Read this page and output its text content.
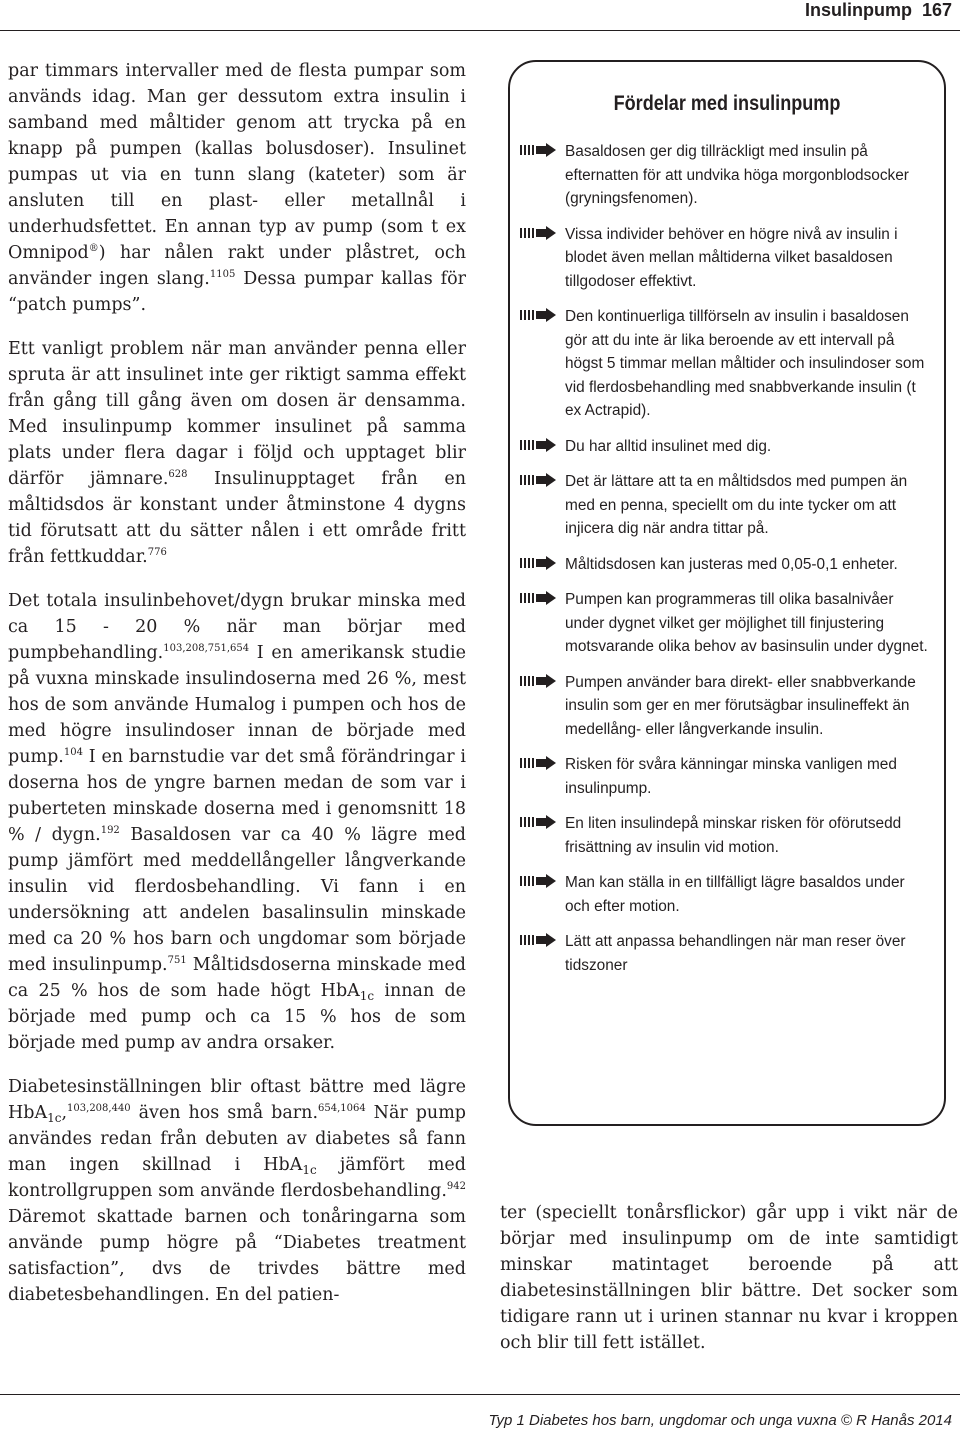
Insulinpump 167

par timmars intervaller med de flesta pumpar som används idag. Man ger dessutom extra insulin i samband med måltider genom att trycka på en knapp på pumpen (kallas bolusdoser). Insulinet pumpas ut via en tunn slang (kateter) som är ansluten till en plast- eller metallnål i underhudsfettet. En annan typ av pump (som t ex Omnipod®) har nålen rakt under plåstret, och använder ingen slang.$^{1105}$ Dessa pumpar kallas för “patch pumps”.

Ett vanligt problem när man använder penna eller spruta är att insulinet inte ger riktigt samma effekt från gång till gång även om dosen är densamma. Med insulinpump kommer insulinet på samma plats under flera dagar i följd och upptaget blir därför jämnare.$^{628}$ Insulinupptaget från en måltidsdos är konstant under åtminstone 4 dygns tid förutsatt att du sätter nålen i ett område fritt från fettkuddar.$^{776}$

Det totala insulinbehovet/dygn brukar minska med ca 15 - 20 % när man börjar med pumpbehandling.$^{103,208,751,654}$ I en amerikansk studie på vuxna minskade insulindoserna med 26 %, mest hos de som använde Humalog i pumpen och hos de med högre insulindoser innan de började med pump.$^{104}$ I en barnstudie var det små förändringar i doserna hos de yngre barnen medan de som var i puberteten minskade doserna med i genomsnitt 18 % / dygn.$^{192}$ Basaldosen var ca 40 % lägre med pump jämfört med meddellångeller långverkande insulin vid flerdosbehandling. Vi fann i en undersökning att andelen basalinsulin minskade med ca 20 % hos barn och ungdomar som började med insulinpump.$^{751}$ Måltidsdoserna minskade med ca 25 % hos de som hade högt HbA$_{1c}$ innan de började med pump och ca 15 % hos de som började med pump av andra orsaker.

Diabetesinställningen blir oftast bättre med lägre HbA$_{1c}$,$^{103,208,440}$ även hos små barn.$^{654,1064}$ När pump användes redan från debuten av diabetes så fann man ingen skillnad i HbA$_{1c}$ jämfört med kontrollgruppen som använde flerdosbehandling.$^{942}$ Däremot skattade barnen och tonåringarna som använde pump högre på “Diabetes treatment satisfaction”, dvs de trivdes bättre med diabetesbehandlingen. En del patien-

Fördelar med insulinpump
Basaldosen ger dig tillräckligt med insulin på efternatten för att undvika höga morgonblodsocker (gryningsfenomen).
Vissa individer behöver en högre nivå av insulin i blodet även mellan måltiderna vilket basaldosen tillgodoser effektivt.
Den kontinuerliga tillförseln av insulin i basaldosen gör att du inte är lika beroende av ett intervall på högst 5 timmar mellan måltider och insulindoser som vid flerdosbehandling med snabbverkande insulin (t ex Actrapid).
Du har alltid insulinet med dig.
Det är lättare att ta en måltidsdos med pumpen än med en penna, speciellt om du inte tycker om att injicera dig när andra tittar på.
Måltidsdosen kan justeras med 0,05-0,1 enheter.
Pumpen kan programmeras till olika basalnivåer under dygnet vilket ger möjlighet till finjustering motsvarande olika behov av basinsulin under dygnet.
Pumpen använder bara direkt- eller snabbverkande insulin som ger en mer förutsägbar insulineffekt än medellång- eller långverkande insulin.
Risken för svåra känningar minska vanligen med insulinpump.
En liten insulindepå minskar risken för oförutsedd frisättning av insulin vid motion.
Man kan ställa in en tillfälligt lägre basaldos under och efter motion.
Lätt att anpassa behandlingen när man reser över tidszoner

ter (speciellt tonårsflickor) går upp i vikt när de börjar med insulinpump om de inte samtidigt minskar matintaget beroende på att diabetesinställningen blir bättre. Det socker som tidigare rann ut i urinen stannar nu kvar i kroppen och blir till fett istället.

Typ 1 Diabetes hos barn, ungdomar och unga vuxna © R Hanås 2014
